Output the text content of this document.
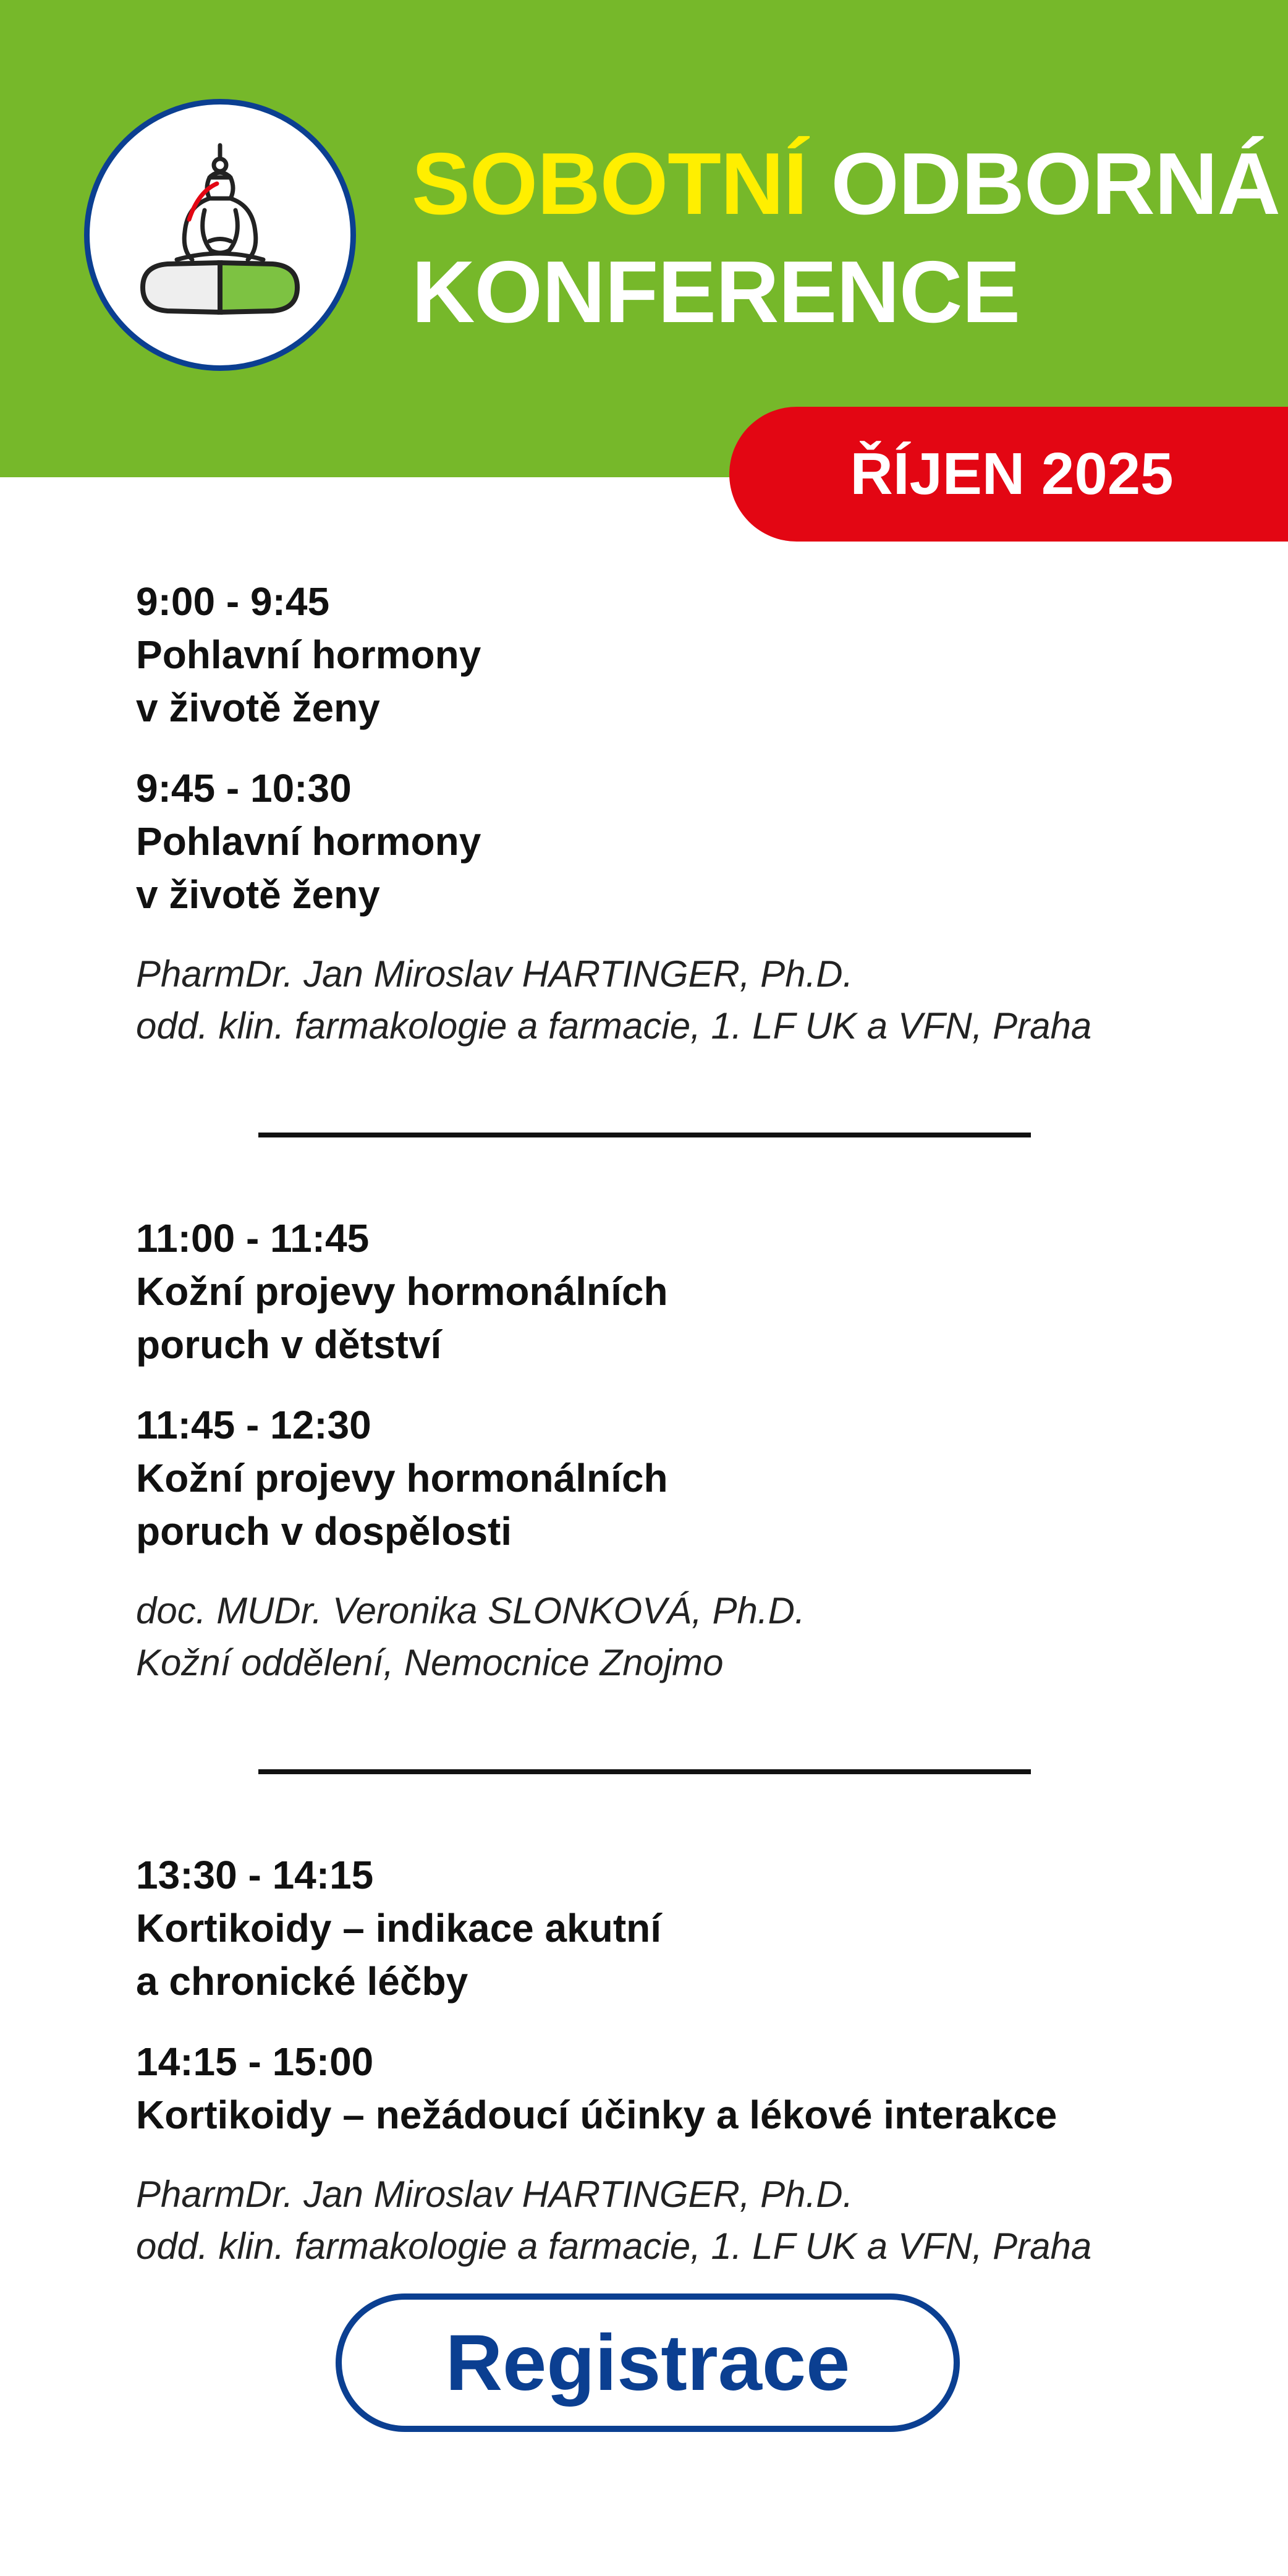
SOBOTNÍ ODBORNÁ
KONFERENCE
ŘÍJEN 2025
9:00 - 9:45
Pohlavní hormony
v životě ženy
9:45 - 10:30
Pohlavní hormony
v životě ženy
PharmDr. Jan Miroslav HARTINGER, Ph.D.
odd. klin. farmakologie a farmacie, 1. LF UK a VFN, Praha
11:00 - 11:45
Kožní projevy hormonálních
poruch v dětství
11:45 - 12:30
Kožní projevy hormonálních
poruch v dospělosti
doc. MUDr. Veronika SLONKOVÁ, Ph.D.
Kožní oddělení, Nemocnice Znojmo
13:30 - 14:15
Kortikoidy – indikace akutní
a chronické léčby
14:15 - 15:00
Kortikoidy – nežádoucí účinky a lékové interakce
PharmDr. Jan Miroslav HARTINGER, Ph.D.
odd. klin. farmakologie a farmacie, 1. LF UK a VFN, Praha
Registrace
